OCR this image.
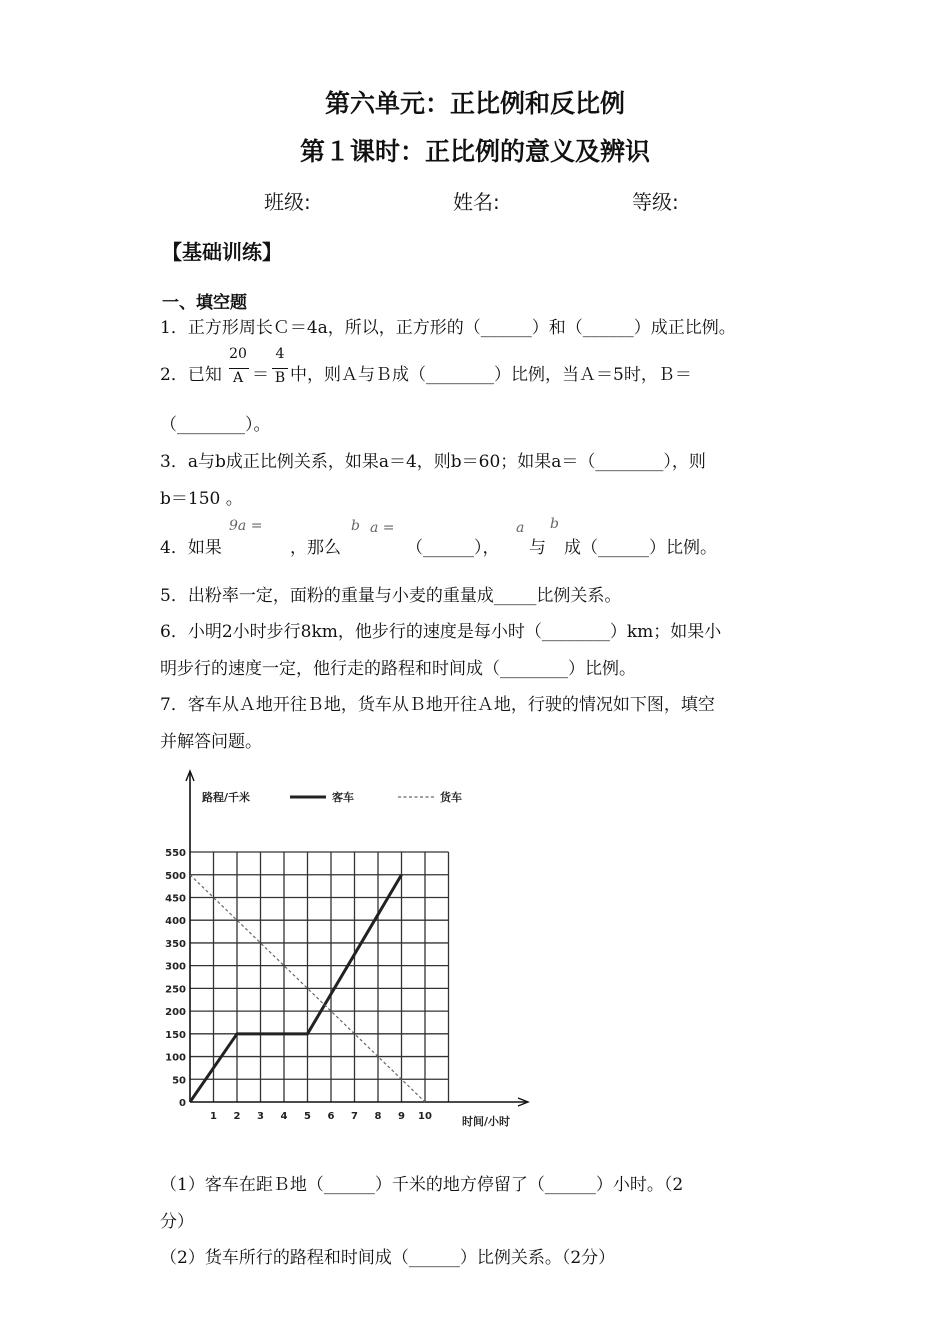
第六单元：正比例和反比例
第１课时：正比例的意义及辨识
班级:	姓名:	等级:
【基础训练】
一、填空题
1．正方形周长Ｃ＝4a，所以，正方形的（______）和（______）成正比例。
2．已知
20
A ＝
4
B 中，则Ａ与Ｂ成（________）比例，当Ａ＝5时，Ｂ＝
（________）。
3．a与b成正比例关系，如果a＝4，则b＝60；如果a＝（________），则
b＝150 。
4．如果
9a =
，那么
b a =
（______），
a
与
b
成（______）比例。
5．出粉率一定，面粉的重量与小麦的重量成_____比例关系。
6．小明2小时步行8km，他步行的速度是每小时（________）km；如果小
明步行的速度一定，他行走的路程和时间成（________）比例。
7．客车从Ａ地开往Ｂ地，货车从Ｂ地开往Ａ地，行驶的情况如下图，填空
并解答问题。
客车	货车
1 2 3 4 5 6 7 8 9 10
0
50
100
150
200
250
300
350
400
450
500
550
路程/千米
时间/小时
（1）客车在距Ｂ地（______）千米的地方停留了（______）小时。（2
分）
（2）货车所行的路程和时间成（______）比例关系。（2分）
